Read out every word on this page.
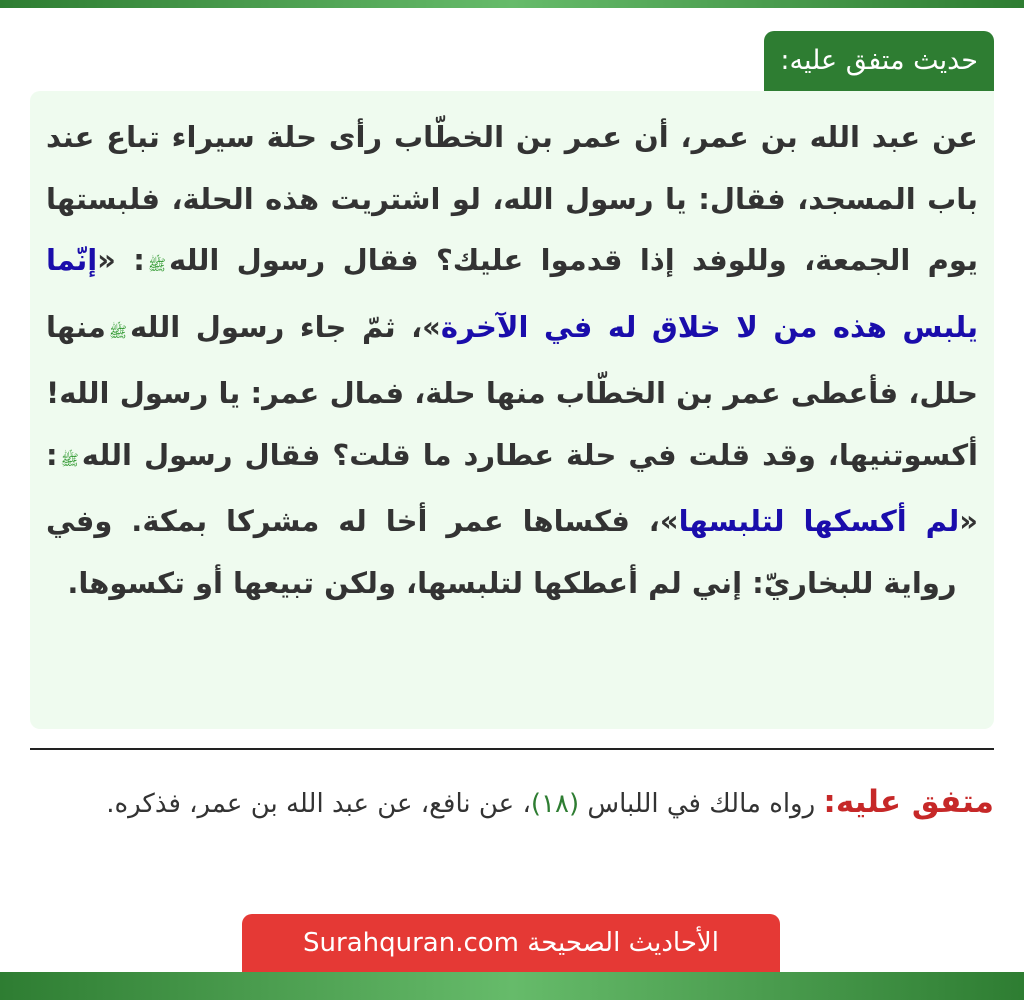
حديث متفق عليه:

عن عبد الله بن عمر، أن عمر بن الخطّاب رأى حلة سيراء تباع عند باب المسجد، فقال: يا رسول الله، لو اشتريت هذه الحلة، فلبستها يوم الجمعة، وللوفد إذا قدموا عليك؟ فقال رسول اللهﷺ: «إنّما يلبس هذه من لا خلاق له في الآخرة»، ثمّ جاء رسول اللهﷺمنها حلل، فأعطى عمر بن الخطّاب منها حلة، فمال عمر: يا رسول الله! أكسوتنيها، وقد قلت في حلة عطارد ما قلت؟ فقال رسول اللهﷺ: «لم أكسكها لتلبسها»، فكساها عمر أخا له مشركا بمكة. وفي رواية للبخاريّ: إني لم أعطكها لتلبسها، ولكن تبيعها أو تكسوها.

متفق عليه: رواه مالك في اللباس (١٨)، عن نافع، عن عبد الله بن عمر، فذكره.

الأحاديث الصحيحة Surahquran.com
